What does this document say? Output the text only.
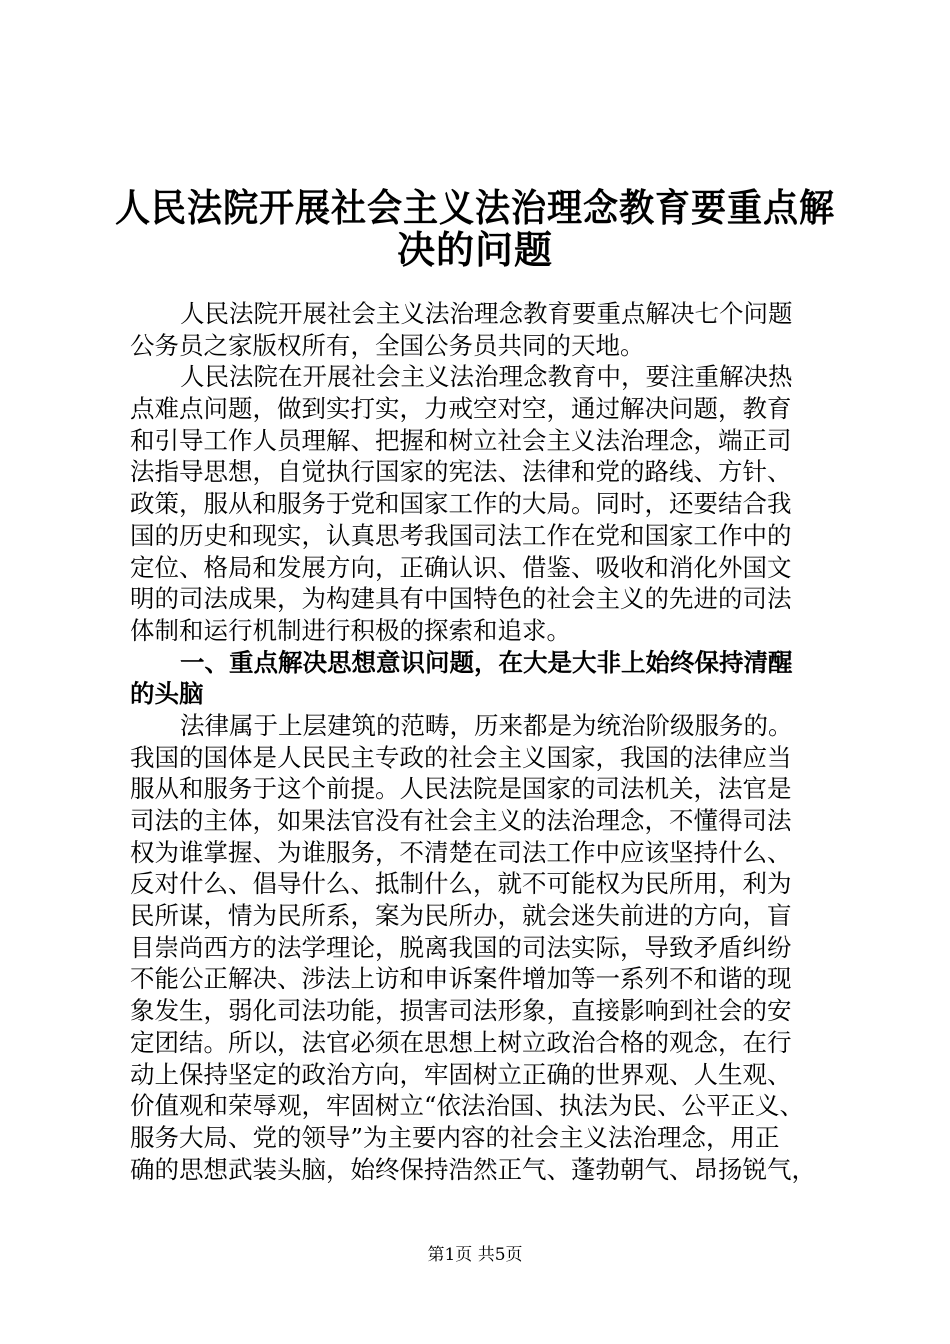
人民法院开展社会主义法治理念教育要重点解
决的问题
人民法院开展社会主义法治理念教育要重点解决七个问题
公务员之家版权所有，全国公务员共同的天地。
人民法院在开展社会主义法治理念教育中，要注重解决热
点难点问题，做到实打实，力戒空对空，通过解决问题，教育
和引导工作人员理解、把握和树立社会主义法治理念，端正司
法指导思想，自觉执行国家的宪法、法律和党的路线、方针、
政策，服从和服务于党和国家工作的大局。同时，还要结合我
国的历史和现实，认真思考我国司法工作在党和国家工作中的
定位、格局和发展方向，正确认识、借鉴、吸收和消化外国文
明的司法成果，为构建具有中国特色的社会主义的先进的司法
体制和运行机制进行积极的探索和追求。
一、重点解决思想意识问题，在大是大非上始终保持清醒
的头脑
法律属于上层建筑的范畴，历来都是为统治阶级服务的。
我国的国体是人民民主专政的社会主义国家，我国的法律应当
服从和服务于这个前提。人民法院是国家的司法机关，法官是
司法的主体，如果法官没有社会主义的法治理念，不懂得司法
权为谁掌握、为谁服务，不清楚在司法工作中应该坚持什么、
反对什么、倡导什么、抵制什么，就不可能权为民所用，利为
民所谋，情为民所系，案为民所办，就会迷失前进的方向，盲
目崇尚西方的法学理论，脱离我国的司法实际，导致矛盾纠纷
不能公正解决、涉法上访和申诉案件增加等一系列不和谐的现
象发生，弱化司法功能，损害司法形象，直接影响到社会的安
定团结。所以，法官必须在思想上树立政治合格的观念，在行
动上保持坚定的政治方向，牢固树立正确的世界观、人生观、
价值观和荣辱观，牢固树立“依法治国、执法为民、公平正义、
服务大局、党的领导”为主要内容的社会主义法治理念，用正
确的思想武装头脑，始终保持浩然正气、蓬勃朝气、昂扬锐气，
第1页 共5页
